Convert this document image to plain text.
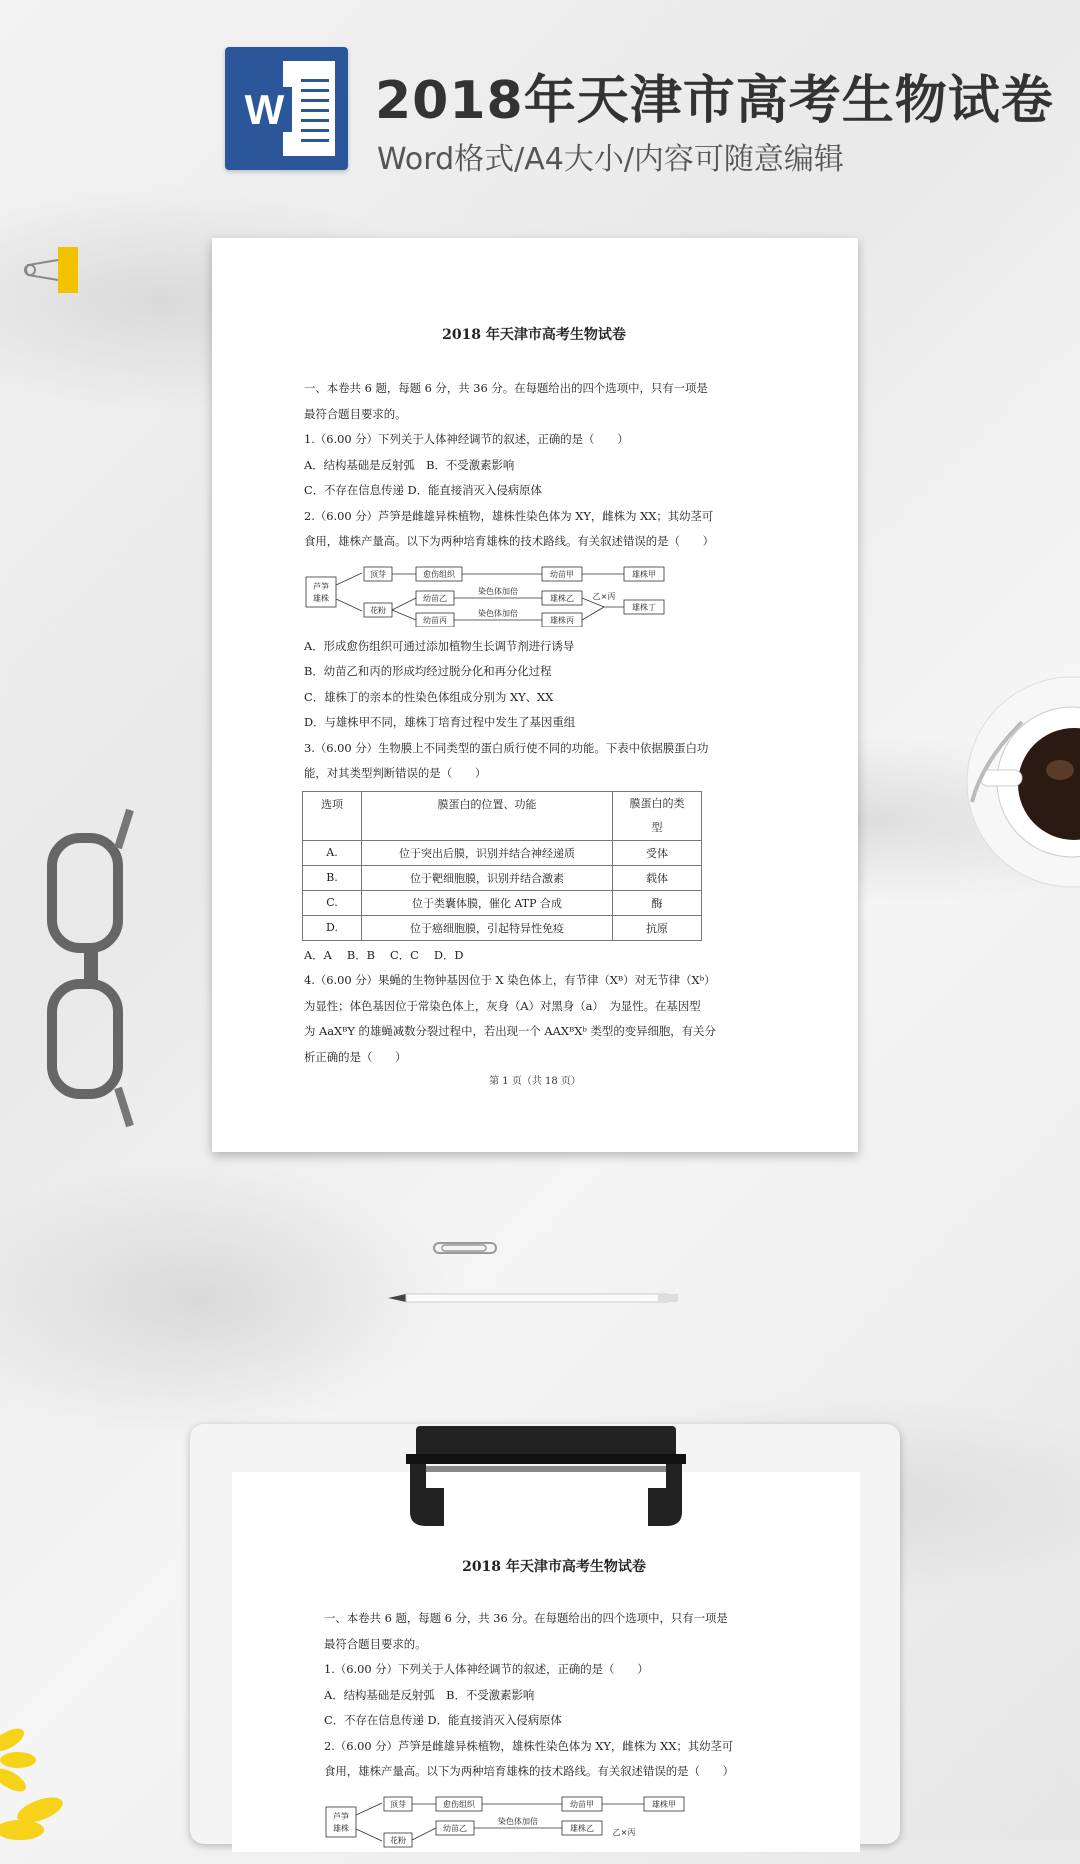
W 2018年天津市高考生物试卷
Word格式/A4大小/内容可随意编辑
2018 年天津市高考生物试卷

一、本卷共 6 题，每题 6 分，共 36 分。在每题给出的四个选项中，只有一项是

最符合题目要求的。

1.（6.00 分）下列关于人体神经调节的叙述，正确的是（　　）

A．结构基础是反射弧　B．不受激素影响

C．不存在信息传递 D．能直接消灭入侵病原体

2.（6.00 分）芦笋是雌雄异株植物，雄株性染色体为 XY，雌株为 XX；其幼茎可

食用，雄株产量高。以下为两种培育雄株的技术路线。有关叙述错误的是（　　）

芦笋
雄株
顶芽	愈伤组织	幼苗甲	雄株甲
花粉
幼苗乙
幼苗丙
染色体加倍
染色体加倍
雄株乙
雄株丙
乙×丙
雄株丁

A．形成愈伤组织可通过添加植物生长调节剂进行诱导

B．幼苗乙和丙的形成均经过脱分化和再分化过程

C．雄株丁的亲本的性染色体组成分别为 XY、XX

D．与雄株甲不同，雄株丁培育过程中发生了基因重组

3.（6.00 分）生物膜上不同类型的蛋白质行使不同的功能。下表中依据膜蛋白功

能，对其类型判断错误的是（　　）

选项	膜蛋白的位置、功能	膜蛋白的类
型
A.	位于突出后膜，识别并结合神经递质	受体
B.	位于靶细胞膜，识别并结合激素	载体
C.	位于类囊体膜，催化 ATP 合成	酶
D.	位于癌细胞膜，引起特异性免疫	抗原

A．A　 B．B　 C．C　 D．D

4.（6.00 分）果蝇的生物钟基因位于 X 染色体上，有节律（Xᴮ）对无节律（Xᵇ）

为显性；体色基因位于常染色体上，灰身（A）对黑身（a）　为显性。在基因型

为 AaXᴮY 的雄蝇减数分裂过程中，若出现一个 AAXᴮXᵇ 类型的变异细胞，有关分

析正确的是（　　）

第 1 页（共 18 页）
2018 年天津市高考生物试卷

一、本卷共 6 题，每题 6 分，共 36 分。在每题给出的四个选项中，只有一项是

最符合题目要求的。

1.（6.00 分）下列关于人体神经调节的叙述，正确的是（　　）

A．结构基础是反射弧　B．不受激素影响

C．不存在信息传递 D．能直接消灭入侵病原体

2.（6.00 分）芦笋是雌雄异株植物，雄株性染色体为 XY，雌株为 XX；其幼茎可

食用，雄株产量高。以下为两种培育雄株的技术路线。有关叙述错误的是（　　）

芦笋
雄株
顶芽	愈伤组织	幼苗甲	雄株甲
花粉
幼苗乙
染色体加倍
雄株乙 乙×丙
